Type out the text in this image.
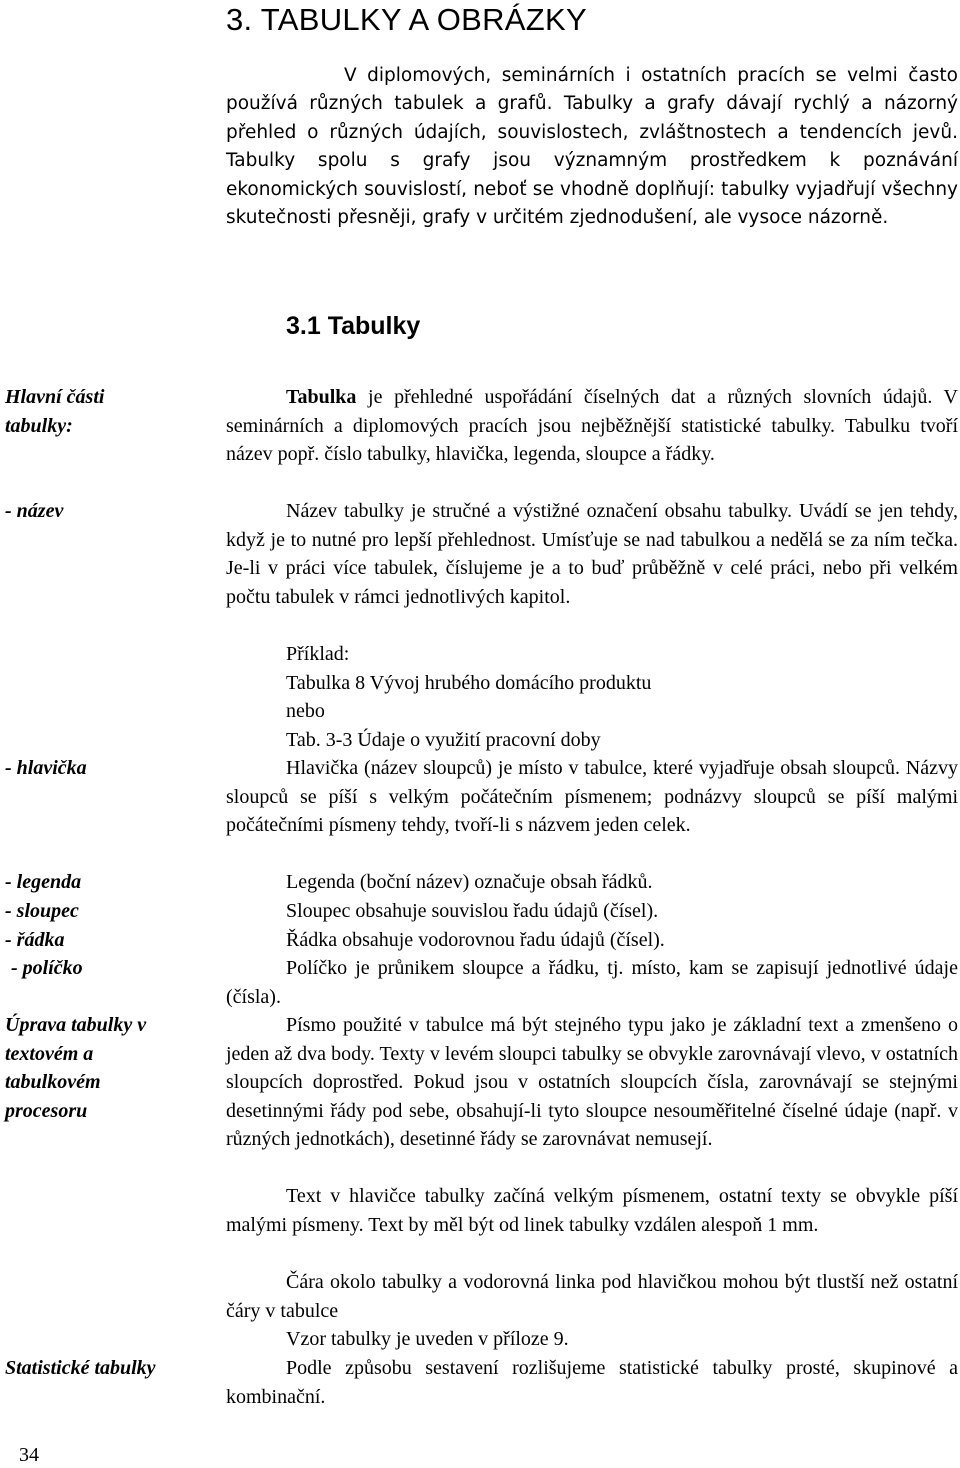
3. TABULKY A OBRÁZKY

V diplomových, seminárních i ostatních pracích se velmi často používá různých tabulek a grafů. Tabulky a grafy dávají rychlý a názorný přehled o různých údajích, souvislostech, zvláštnostech a tendencích jevů. Tabulky spolu s grafy jsou významným prostředkem k poznávání ekonomických souvislostí, neboť se vhodně doplňují: tabulky vyjadřují všechny skutečnosti přesněji, grafy v určitém zjednodušení, ale vysoce názorně.

3.1 Tabulky

Hlavní části tabulky:

- název

- hlavička

- legenda

- sloupec

- řádka

- políčko

Úprava tabulky v textovém a tabulkovém procesoru

Statistické tabulky

Tabulka je přehledné uspořádání číselných dat a různých slovních údajů. V seminárních a diplomových pracích jsou nejběžnější statistické tabulky. Tabulku tvoří název popř. číslo tabulky, hlavička, legenda, sloupce a řádky.

Název tabulky je stručné a výstižné označení obsahu tabulky. Uvádí se jen tehdy, když je to nutné pro lepší přehlednost. Umísťuje se nad tabulkou a nedělá se za ním tečka. Je-li v práci více tabulek, číslujeme je a to buď průběžně v celé práci, nebo při velkém počtu tabulek v rámci jednotlivých kapitol.

Příklad:

Tabulka 8 Vývoj hrubého domácího produktu

nebo

Tab. 3-3 Údaje o využití pracovní doby

Hlavička (název sloupců) je místo v tabulce, které vyjadřuje obsah sloupců. Názvy sloupců se píší s velkým počátečním písmenem; podnázvy sloupců se píší malými počátečními písmeny tehdy, tvoří-li s názvem jeden celek.

Legenda (boční název) označuje obsah řádků.

Sloupec obsahuje souvislou řadu údajů (čísel).

Řádka obsahuje vodorovnou řadu údajů (čísel).

Políčko je průnikem sloupce a řádku, tj. místo, kam se zapisují jednotlivé údaje (čísla).

Písmo použité v tabulce má být stejného typu jako je základní text a zmenšeno o jeden až dva body. Texty v levém sloupci tabulky se obvykle zarovnávají vlevo, v ostatních sloupcích doprostřed. Pokud jsou v ostatních sloupcích čísla, zarovnávají se stejnými desetinnými řády pod sebe, obsahují-li tyto sloupce nesouměřitelné číselné údaje (např. v různých jednotkách), desetinné řády se zarovnávat nemusejí.

Text v hlavičce tabulky začíná velkým písmenem, ostatní texty se obvykle píší malými písmeny. Text by měl být od linek tabulky vzdálen alespoň 1 mm.

Čára okolo tabulky a vodorovná linka pod hlavičkou mohou být tlustší než ostatní čáry v tabulce

Vzor tabulky je uveden v příloze 9.

Podle způsobu sestavení rozlišujeme statistické tabulky prosté, skupinové a kombinační.

34
